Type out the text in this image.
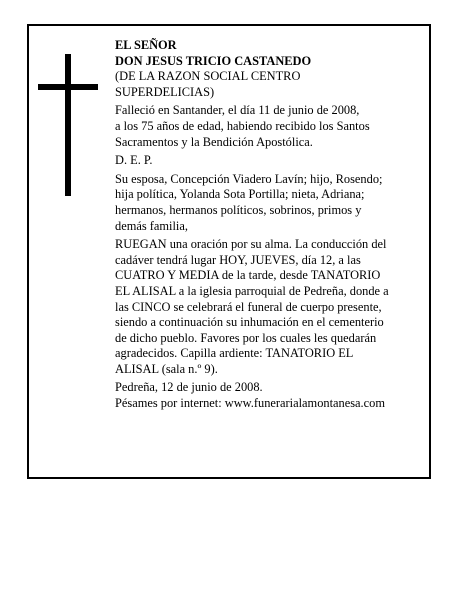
EL SEÑOR
DON JESUS TRICIO CASTANEDO
(DE LA RAZON SOCIAL CENTRO
SUPERDELICIAS)
Falleció en Santander, el día 11 de junio de 2008,
a los 75 años de edad, habiendo recibido los Santos
Sacramentos y la Bendición Apostólica.
D. E. P.
Su esposa, Concepción Viadero Lavín; hijo, Rosendo;
hija política, Yolanda Sota Portilla; nieta, Adriana;
hermanos, hermanos políticos, sobrinos, primos y
demás familia,
RUEGAN una oración por su alma. La conducción del
cadáver tendrá lugar HOY, JUEVES, día 12, a las
CUATRO Y MEDIA de la tarde, desde TANATORIO
EL ALISAL a la iglesia parroquial de Pedreña, donde a
las CINCO se celebrará el funeral de cuerpo presente,
siendo a continuación su inhumación en el cementerio
de dicho pueblo. Favores por los cuales les quedarán
agradecidos. Capilla ardiente: TANATORIO EL
ALISAL (sala n.º 9).
Pedreña, 12 de junio de 2008.
Pésames por internet: www.funerarialamontanesa.com
